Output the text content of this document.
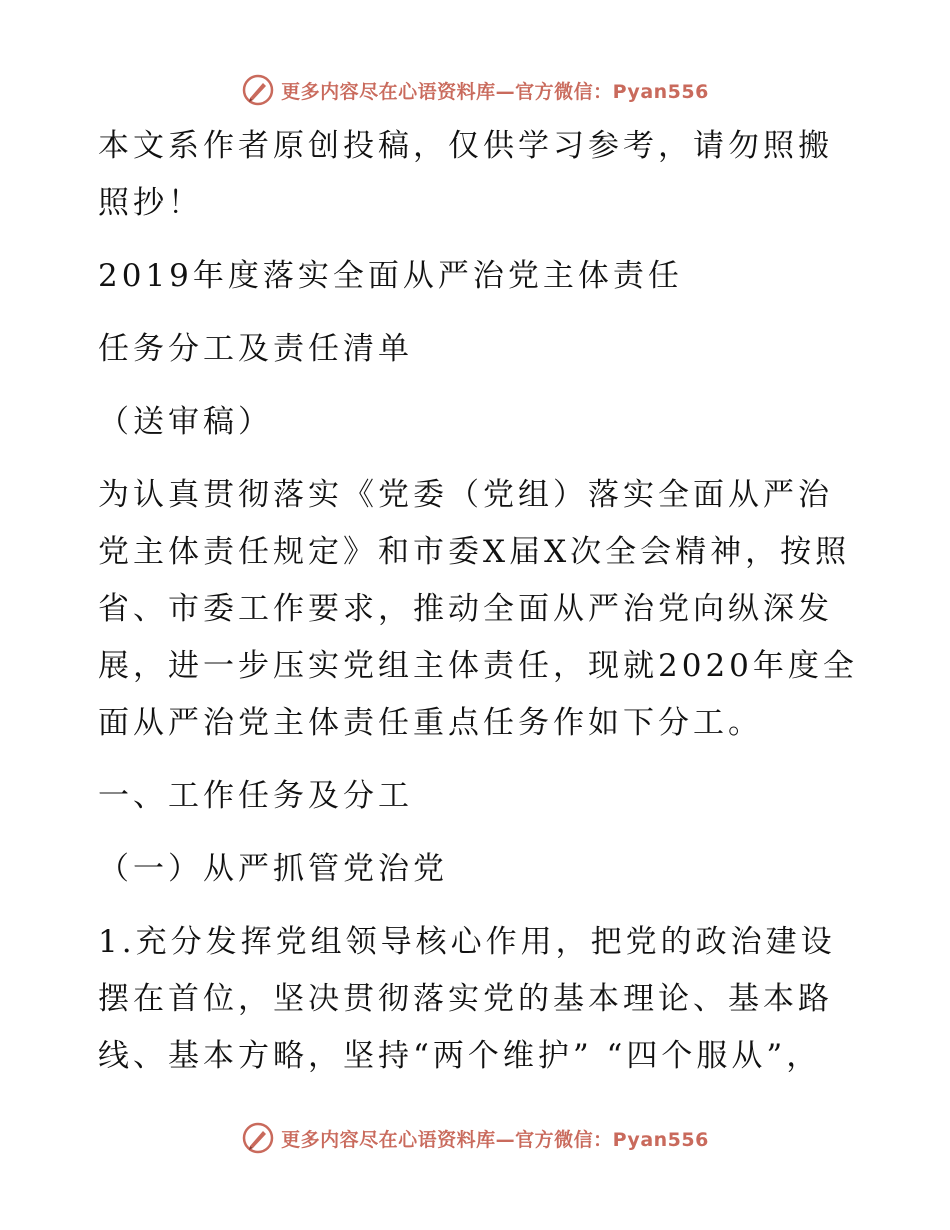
更多内容尽在心语资料库—官方微信：Pyan556

本文系作者原创投稿，仅供学习参考，请勿照搬照抄！

2019年度落实全面从严治党主体责任

任务分工及责任清单

（送审稿）

为认真贯彻落实《党委（党组）落实全面从严治党主体责任规定》和市委X届X次全会精神，按照省、市委工作要求，推动全面从严治党向纵深发展，进一步压实党组主体责任，现就2020年度全面从严治党主体责任重点任务作如下分工。

一、工作任务及分工

（一）从严抓管党治党

1.充分发挥党组领导核心作用，把党的政治建设摆在首位，坚决贯彻落实党的基本理论、基本路线、基本方略，坚持“两个维护” “四个服从”，

更多内容尽在心语资料库—官方微信：Pyan556
